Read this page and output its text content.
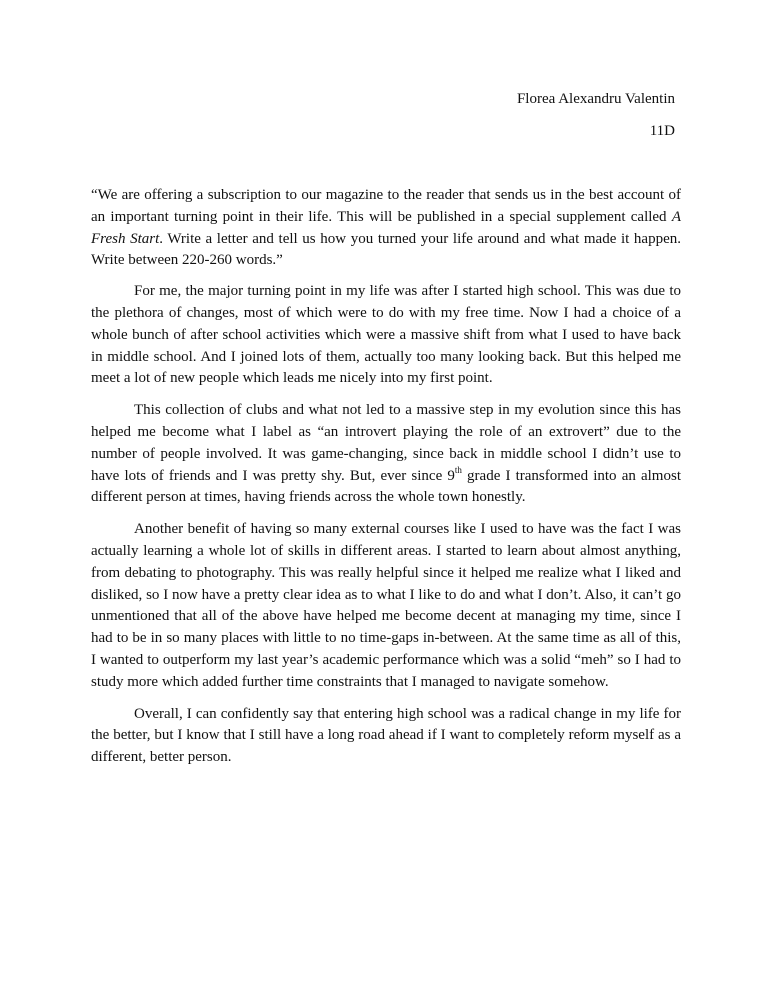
Florea Alexandru Valentin
11D

“We are offering a subscription to our magazine to the reader that sends us in the best account of an important turning point in their life. This will be published in a special supplement called A Fresh Start. Write a letter and tell us how you turned your life around and what made it happen. Write between 220-260 words.”

For me, the major turning point in my life was after I started high school. This was due to the plethora of changes, most of which were to do with my free time. Now I had a choice of a whole bunch of after school activities which were a massive shift from what I used to have back in middle school. And I joined lots of them, actually too many looking back. But this helped me meet a lot of new people which leads me nicely into my first point.

This collection of clubs and what not led to a massive step in my evolution since this has helped me become what I label as “an introvert playing the role of an extrovert” due to the number of people involved. It was game-changing, since back in middle school I didn’t use to have lots of friends and I was pretty shy. But, ever since 9th grade I transformed into an almost different person at times, having friends across the whole town honestly.

Another benefit of having so many external courses like I used to have was the fact I was actually learning a whole lot of skills in different areas. I started to learn about almost anything, from debating to photography. This was really helpful since it helped me realize what I liked and disliked, so I now have a pretty clear idea as to what I like to do and what I don’t. Also, it can’t go unmentioned that all of the above have helped me become decent at managing my time, since I had to be in so many places with little to no time-gaps in-between. At the same time as all of this, I wanted to outperform my last year’s academic performance which was a solid “meh” so I had to study more which added further time constraints that I managed to navigate somehow.

Overall, I can confidently say that entering high school was a radical change in my life for the better, but I know that I still have a long road ahead if I want to completely reform myself as a different, better person.
